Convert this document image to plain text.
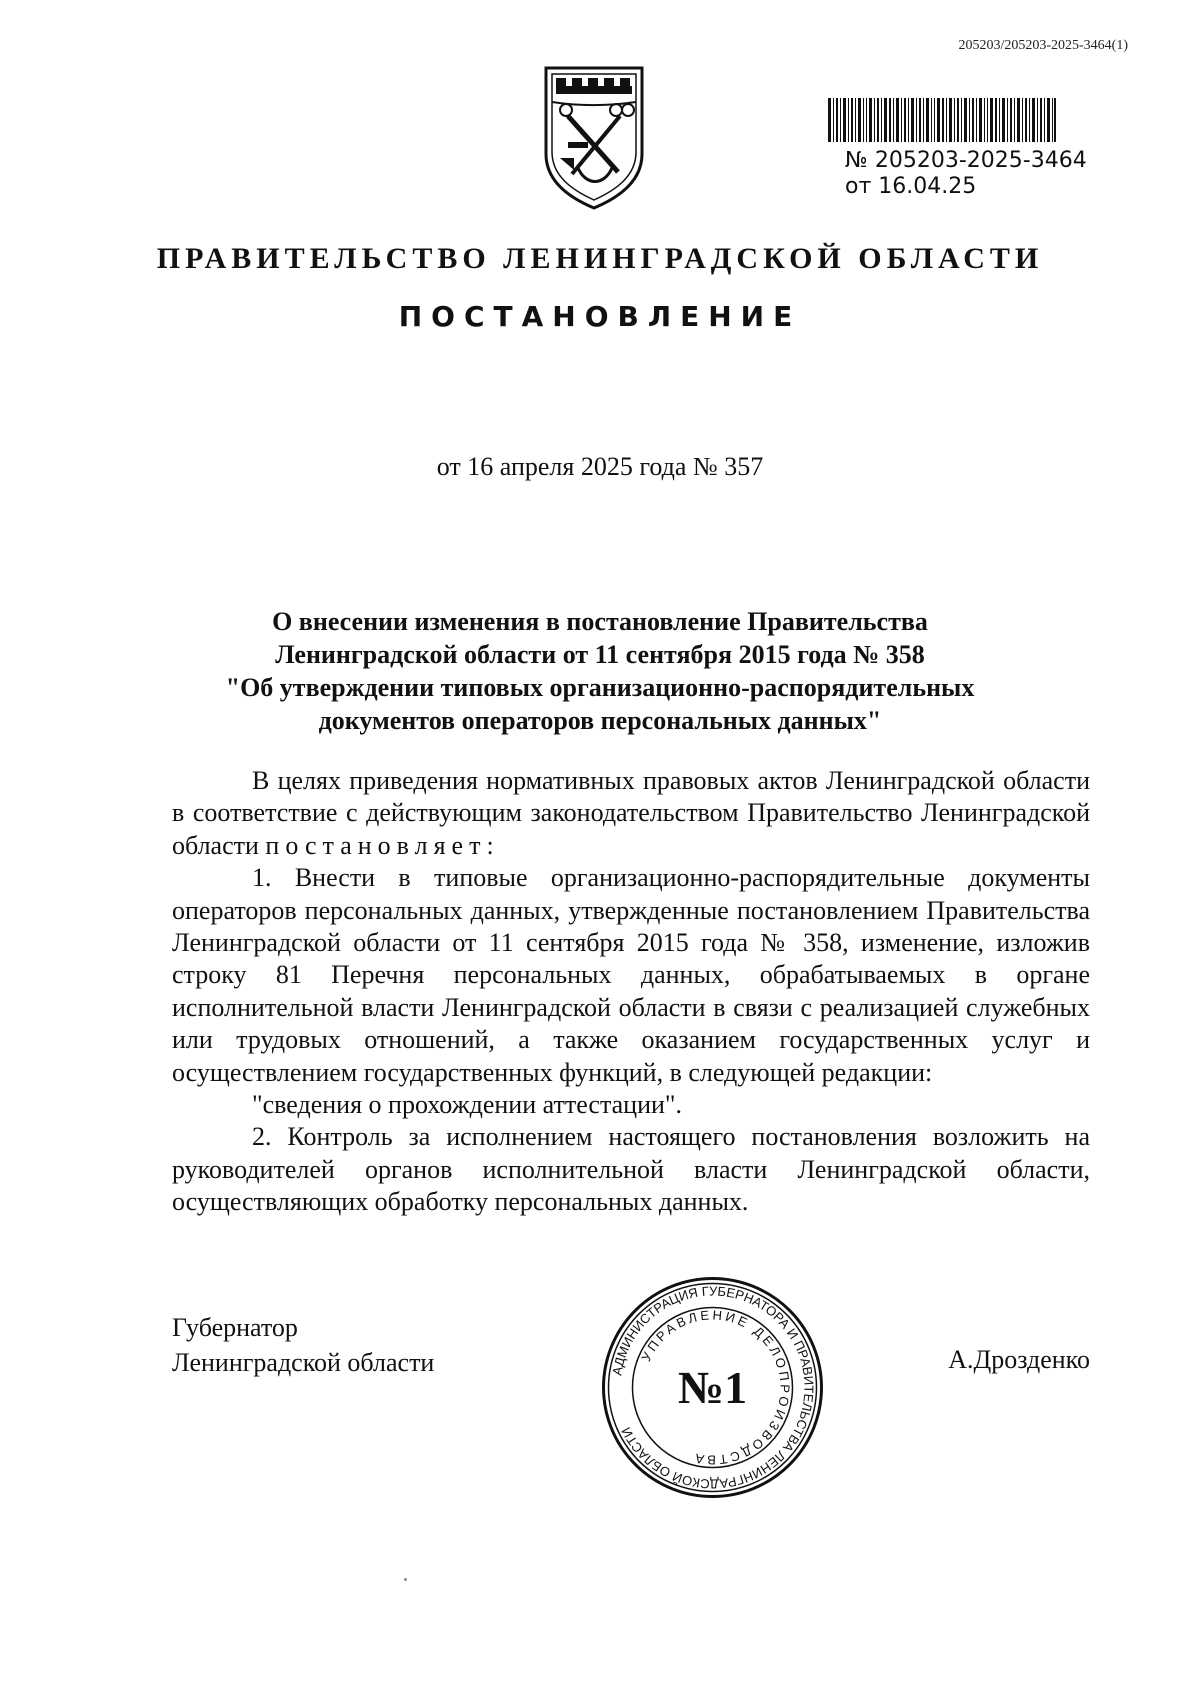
205203/205203-2025-3464(1)
№ 205203-2025-3464
от 16.04.25
ПРАВИТЕЛЬСТВО ЛЕНИНГРАДСКОЙ ОБЛАСТИ
ПОСТАНОВЛЕНИЕ
от 16 апреля 2025 года № 357
О внесении изменения в постановление Правительства
Ленинградской области от 11 сентября 2015 года № 358
"Об утверждении типовых организационно-распорядительных
документов операторов персональных данных"

В целях приведения нормативных правовых актов Ленинградской области в соответствие с действующим законодательством Правительство Ленинградской области постановляет:

1. Внести в типовые организационно-распорядительные документы операторов персональных данных, утвержденные постановлением Правительства Ленинградской области от 11 сентября 2015 года № 358, изменение, изложив строку 81 Перечня персональных данных, обрабатываемых в органе исполнительной власти Ленинградской области в связи с реализацией служебных или трудовых отношений, а также оказанием государственных услуг и осуществлением государственных функций, в следующей редакции:

"сведения о прохождении аттестации".

2. Контроль за исполнением настоящего постановления возложить на руководителей органов исполнительной власти Ленинградской области, осуществляющих обработку персональных данных.

Губернатор
Ленинградской области	АДМИНИСТРАЦИЯ ГУБЕРНАТОРА И ПРАВИТЕЛЬСТВА ЛЕНИНГРАДСКОЙ ОБЛАСТИ
УПРАВЛЕНИЕ ДЕЛОПРОИЗВОДСТВА
№1
А.Дрозденко
